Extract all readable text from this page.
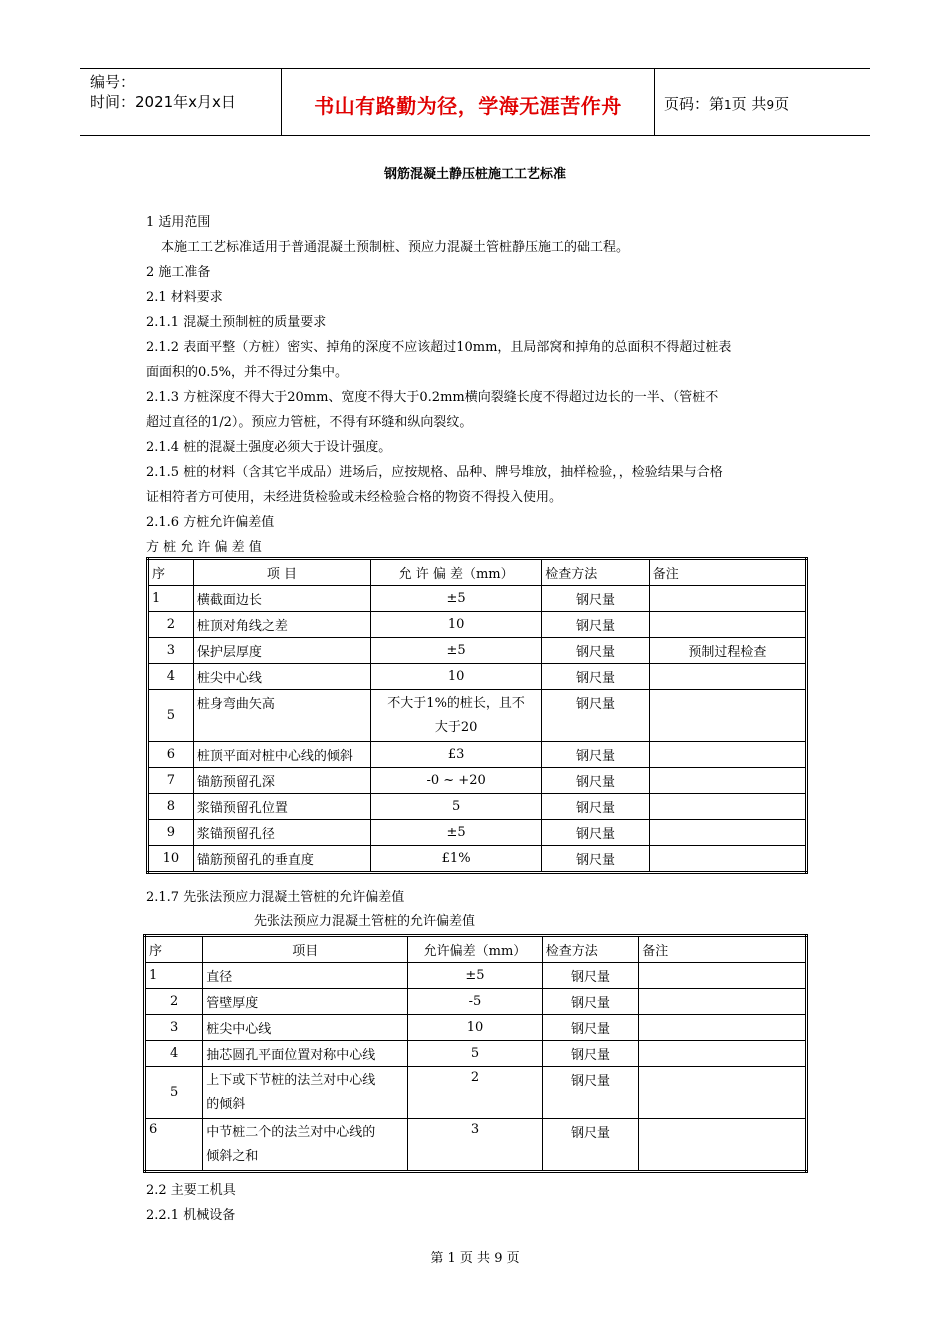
编号：
时间：2021年x月x日	书山有路勤为径，学海无涯苦作舟	页码：第1页 共9页
钢筋混凝土静压桩施工工艺标准
1 适用范围
本施工工艺标准适用于普通混凝土预制桩、预应力混凝土管桩静压施工的础工程。
2 施工准备
2.1 材料要求
2.1.1 混凝土预制桩的质量要求
2.1.2 表面平整（方桩）密实、掉角的深度不应该超过10mm，且局部窝和掉角的总面积不得超过桩表
面面积的0.5%，并不得过分集中。
2.1.3 方桩深度不得大于20mm、宽度不得大于0.2mm横向裂缝长度不得超过边长的一半、（管桩不
超过直径的1/2）。预应力管桩，不得有环缝和纵向裂纹。
2.1.4 桩的混凝土强度必须大于设计强度。
2.1.5 桩的材料（含其它半成品）进场后，应按规格、品种、牌号堆放，抽样检验，，检验结果与合格
证相符者方可使用，未经进货检验或未经检验合格的物资不得投入使用。
2.1.6 方桩允许偏差值
方 桩 允 许 偏 差 值
序	项 目	允 许 偏 差（mm）	检查方法	备注
1	横截面边长	±5	钢尺量	
2	桩顶对角线之差	10	钢尺量	
3	保护层厚度	±5	钢尺量	预制过程检查
4	桩尖中心线	10	钢尺量	
5	桩身弯曲矢高	不大于1%的桩长，且不
大于20	钢尺量	
6	桩顶平面对桩中心线的倾斜	£3	钢尺量	
7	锚筋预留孔深	-0 ~ +20	钢尺量	
8	浆锚预留孔位置	5	钢尺量	
9	浆锚预留孔径	±5	钢尺量	
10	锚筋预留孔的垂直度	£1%	钢尺量	
2.1.7 先张法预应力混凝土管桩的允许偏差值
先张法预应力混凝土管桩的允许偏差值
序	项目	允许偏差（mm）	检查方法	备注
1	直径	±5	钢尺量	
2	管壁厚度	-5	钢尺量	
3	桩尖中心线	10	钢尺量	
4	抽芯圆孔平面位置对称中心线	5	钢尺量	
5	上下或下节桩的法兰对中心线
的倾斜	2	钢尺量	
6	中节桩二个的法兰对中心线的
倾斜之和	3	钢尺量	
2.2 主要工机具
2.2.1 机械设备
第 1 页 共 9 页
